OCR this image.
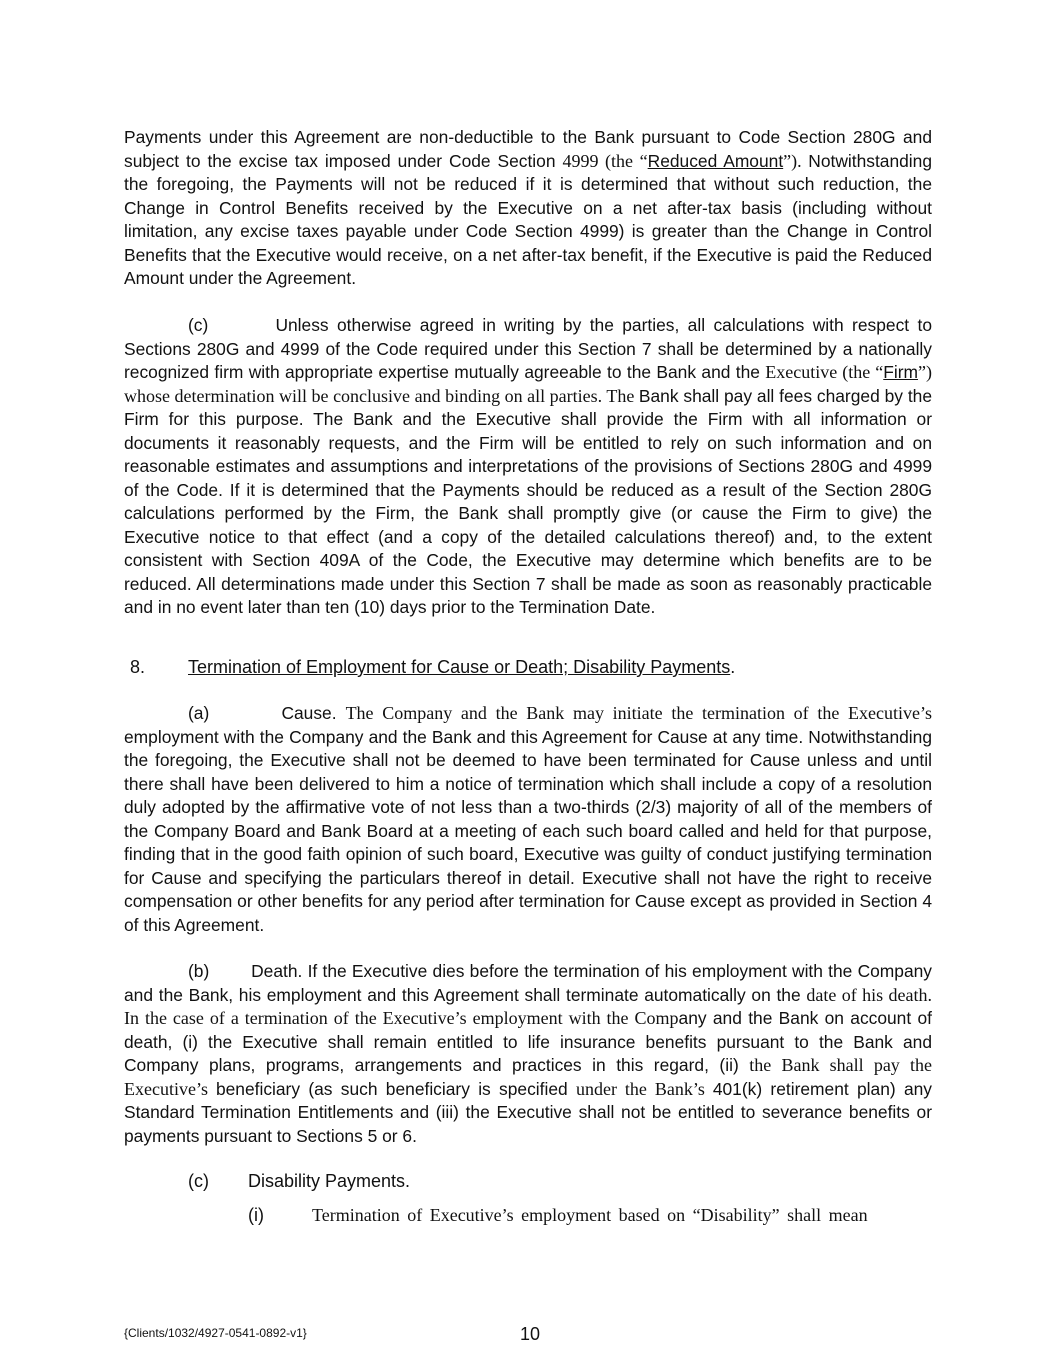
Payments under this Agreement are non-deductible to the Bank pursuant to Code Section 280G and subject to the excise tax imposed under Code Section 4999 (the “Reduced Amount”). Notwithstanding the foregoing, the Payments will not be reduced if it is determined that without such reduction, the Change in Control Benefits received by the Executive on a net after-tax basis (including without limitation, any excise taxes payable under Code Section 4999) is greater than the Change in Control Benefits that the Executive would receive, on a net after-tax benefit, if the Executive is paid the Reduced Amount under the Agreement.

(c)	Unless otherwise agreed in writing by the parties, all calculations with respect to Sections 280G and 4999 of the Code required under this Section 7 shall be determined by a nationally recognized firm with appropriate expertise mutually agreeable to the Bank and the Executive (the “Firm”) whose determination will be conclusive and binding on all parties. The Bank shall pay all fees charged by the Firm for this purpose. The Bank and the Executive shall provide the Firm with all information or documents it reasonably requests, and the Firm will be entitled to rely on such information and on reasonable estimates and assumptions and interpretations of the provisions of Sections 280G and 4999 of the Code. If it is determined that the Payments should be reduced as a result of the Section 280G calculations performed by the Firm, the Bank shall promptly give (or cause the Firm to give) the Executive notice to that effect (and a copy of the detailed calculations thereof) and, to the extent consistent with Section 409A of the Code, the Executive may determine which benefits are to be reduced. All determinations made under this Section 7 shall be made as soon as reasonably practicable and in no event later than ten (10) days prior to the Termination Date.

8. Termination of Employment for Cause or Death; Disability Payments.

(a)	Cause. The Company and the Bank may initiate the termination of the Executive’s employment with the Company and the Bank and this Agreement for Cause at any time. Notwithstanding the foregoing, the Executive shall not be deemed to have been terminated for Cause unless and until there shall have been delivered to him a notice of termination which shall include a copy of a resolution duly adopted by the affirmative vote of not less than a two-thirds (2/3) majority of all of the members of the Company Board and Bank Board at a meeting of each such board called and held for that purpose, finding that in the good faith opinion of such board, Executive was guilty of conduct justifying termination for Cause and specifying the particulars thereof in detail. Executive shall not have the right to receive compensation or other benefits for any period after termination for Cause except as provided in Section 4 of this Agreement.

(b) Death. If the Executive dies before the termination of his employment with the Company and the Bank, his employment and this Agreement shall terminate automatically on the date of his death. In the case of a termination of the Executive’s employment with the Company and the Bank on account of death, (i) the Executive shall remain entitled to life insurance benefits pursuant to the Bank and Company plans, programs, arrangements and practices in this regard, (ii) the Bank shall pay the Executive’s beneficiary (as such beneficiary is specified under the Bank’s 401(k) retirement plan) any Standard Termination Entitlements and (iii) the Executive shall not be entitled to severance benefits or payments pursuant to Sections 5 or 6.

(c) Disability Payments.
(i)	Termination of Executive’s employment based on “Disability” shall mean
{Clients/1032/4927-0541-0892-v1}	10
